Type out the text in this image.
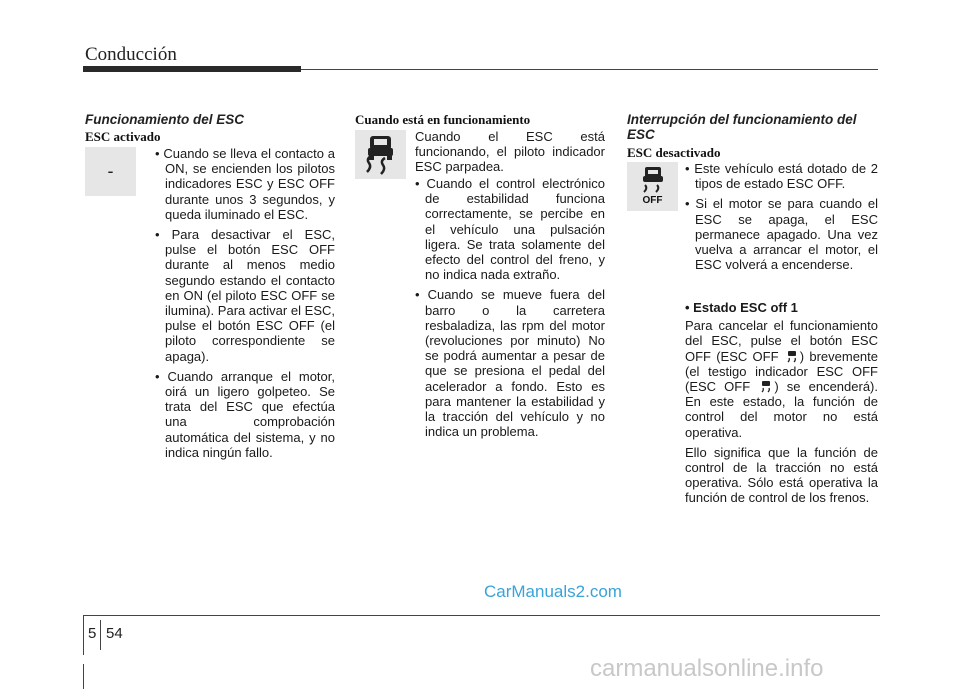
Conducción
Funcionamiento del ESC
ESC activado
-

• Cuando se lleva el contacto a ON, se encienden los pilotos indicadores ESC y ESC OFF durante unos 3 segundos, y queda iluminado el ESC.

• Para desactivar el ESC, pulse el botón ESC OFF durante al menos medio segundo estando el contacto en ON (el piloto ESC OFF se ilumina). Para activar el ESC, pulse el botón ESC OFF (el piloto correspondiente se apaga).

• Cuando arranque el motor, oirá un ligero golpeteo. Se trata del ESC que efectúa una comprobación automática del sistema, y no indica ningún fallo.

Cuando está en funcionamiento

Cuando el ESC está funcionando, el piloto indicador ESC parpadea.

• Cuando el control electrónico de estabilidad funciona correctamente, se percibe en el vehículo una pulsación ligera. Se trata solamente del efecto del control del freno, y no indica nada extraño.

• Cuando se mueve fuera del barro o la carretera resbaladiza, las rpm del motor (revoluciones por minuto) No se podrá aumentar a pesar de que se presiona el pedal del acelerador a fondo. Esto es para mantener la estabilidad y la tracción del vehículo y no indica un problema.

Interrupción del funcionamiento del ESC
ESC desactivado
OFF

• Este vehículo está dotado de 2 tipos de estado ESC OFF.

• Si el motor se para cuando el ESC se apaga, el ESC permanece apagado. Una vez vuelva a arrancar el motor, el ESC volverá a encenderse.

• Estado ESC off 1

Para cancelar el funcionamiento del ESC, pulse el botón ESC OFF (ESC OFF ) brevemente (el testigo indicador ESC OFF (ESC OFF ) se encenderá). En este estado, la función de control del motor no está operativa.

Ello significa que la función de control de la tracción no está operativa. Sólo está operativa la función de control de los frenos.

CarManuals2.com
5 54
carmanualsonline.info
